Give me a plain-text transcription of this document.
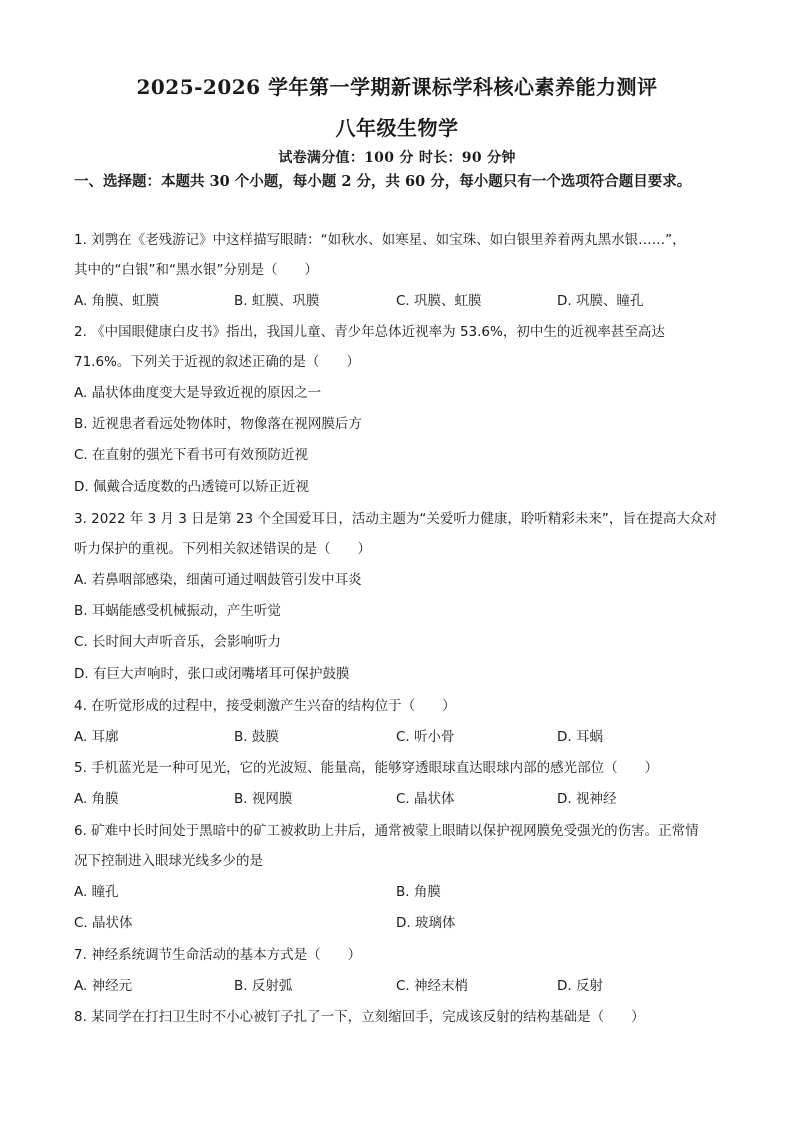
2025-2026 学年第一学期新课标学科核心素养能力测评
八年级生物学
试卷满分值：100 分 时长：90 分钟
一、选择题：本题共 30 个小题，每小题 2 分，共 60 分，每小题只有一个选项符合题目要求。
1. 刘鹗在《老残游记》中这样描写眼睛：“如秋水、如寒星、如宝珠、如白银里养着两丸黑水银……”，
其中的“白银”和“黑水银”分别是（　　）
A. 角膜、虹膜	B. 虹膜、巩膜	C. 巩膜、虹膜	D. 巩膜、瞳孔
2. 《中国眼健康白皮书》指出，我国儿童、青少年总体近视率为 53.6%，初中生的近视率甚至高达
71.6%。下列关于近视的叙述正确的是（　　）
A. 晶状体曲度变大是导致近视的原因之一
B. 近视患者看远处物体时，物像落在视网膜后方
C. 在直射的强光下看书可有效预防近视
D. 佩戴合适度数的凸透镜可以矫正近视
3. 2022 年 3 月 3 日是第 23 个全国爱耳日，活动主题为“关爱听力健康，聆听精彩未来”，旨在提高大众对
听力保护的重视。下列相关叙述错误的是（　　）
A. 若鼻咽部感染，细菌可通过咽鼓管引发中耳炎
B. 耳蜗能感受机械振动，产生听觉
C. 长时间大声听音乐，会影响听力
D. 有巨大声响时，张口或闭嘴堵耳可保护鼓膜
4. 在听觉形成的过程中，接受刺激产生兴奋的结构位于（　　）
A. 耳廓	B. 鼓膜	C. 听小骨	D. 耳蜗
5. 手机蓝光是一种可见光，它的光波短、能量高，能够穿透眼球直达眼球内部的感光部位（　　）
A. 角膜	B. 视网膜	C. 晶状体	D. 视神经
6. 矿难中长时间处于黑暗中的矿工被救助上井后，通常被蒙上眼睛以保护视网膜免受强光的伤害。正常情
况下控制进入眼球光线多少的是
A. 瞳孔	B. 角膜
C. 晶状体	D. 玻璃体
7. 神经系统调节生命活动的基本方式是（　　）
A. 神经元	B. 反射弧	C. 神经末梢	D. 反射
8. 某同学在打扫卫生时不小心被钉子扎了一下，立刻缩回手，完成该反射的结构基础是（　　）
